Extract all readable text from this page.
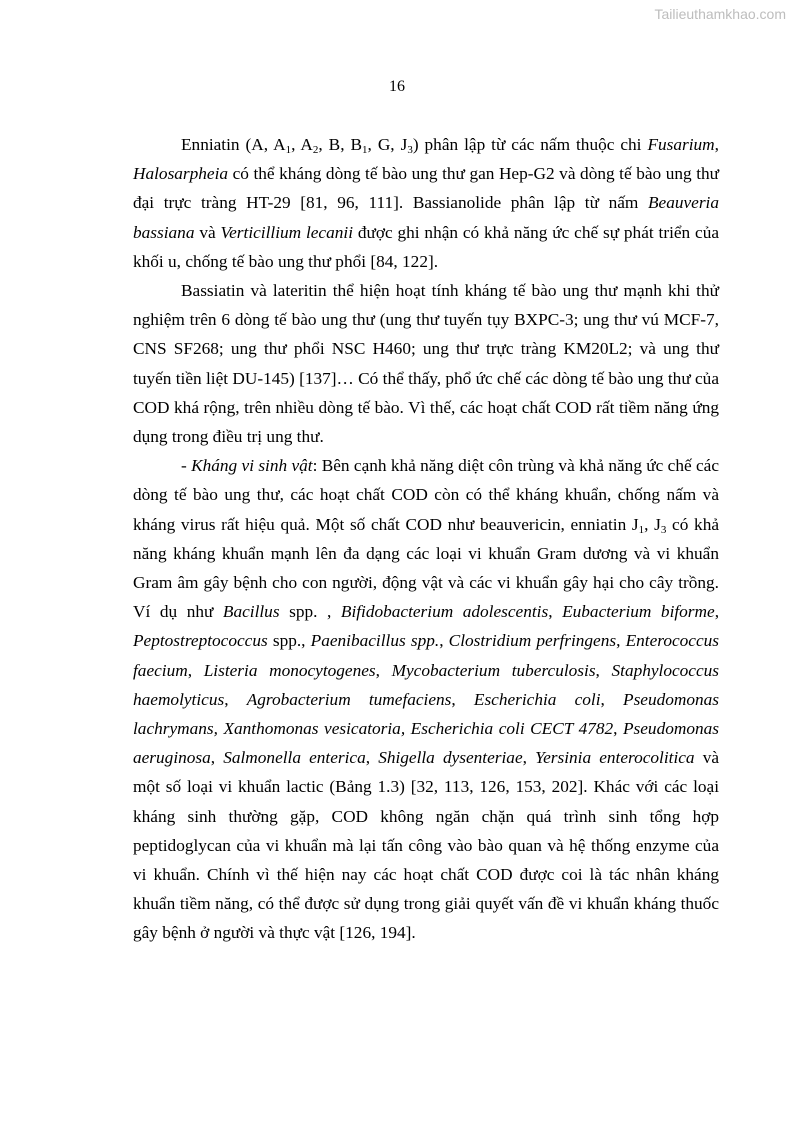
Tailieuthamkhao.com
16

Enniatin (A, $A_1$, $A_2$, B, $B_1$, G, $J_3$) phân lập từ các nấm thuộc chi Fusarium, Halosarpheia có thể kháng dòng tế bào ung thư gan Hep-G2 và dòng tế bào ung thư đại trực tràng HT-29 [81, 96, 111]. Bassianolide phân lập từ nấm Beauveria bassiana và Verticillium lecanii được ghi nhận có khả năng ức chế sự phát triển của khối u, chống tế bào ung thư phổi [84, 122].

Bassiatin và lateritin thể hiện hoạt tính kháng tế bào ung thư mạnh khi thử nghiệm trên 6 dòng tế bào ung thư (ung thư tuyến tụy BXPC-3; ung thư vú MCF-7, CNS SF268; ung thư phổi NSC H460; ung thư trực tràng KM20L2; và ung thư tuyến tiền liệt DU-145) [137]… Có thể thấy, phổ ức chế các dòng tế bào ung thư của COD khá rộng, trên nhiều dòng tế bào. Vì thế, các hoạt chất COD rất tiềm năng ứng dụng trong điều trị ung thư.

- Kháng vi sinh vật: Bên cạnh khả năng diệt côn trùng và khả năng ức chế các dòng tế bào ung thư, các hoạt chất COD còn có thể kháng khuẩn, chống nấm và kháng virus rất hiệu quả. Một số chất COD như beauvericin, enniatin $J_1$, $J_3$ có khả năng kháng khuẩn mạnh lên đa dạng các loại vi khuẩn Gram dương và vi khuẩn Gram âm gây bệnh cho con người, động vật và các vi khuẩn gây hại cho cây trồng. Ví dụ như Bacillus spp. , Bifidobacterium adolescentis, Eubacterium biforme, Peptostreptococcus spp., Paenibacillus spp., Clostridium perfringens, Enterococcus faecium, Listeria monocytogenes, Mycobacterium tuberculosis, Staphylococcus haemolyticus, Agrobacterium tumefaciens, Escherichia coli, Pseudomonas lachrymans, Xanthomonas vesicatoria, Escherichia coli CECT 4782, Pseudomonas aeruginosa, Salmonella enterica, Shigella dysenteriae, Yersinia enterocolitica và một số loại vi khuẩn lactic (Bảng 1.3) [32, 113, 126, 153, 202]. Khác với các loại kháng sinh thường gặp, COD không ngăn chặn quá trình sinh tổng hợp peptidoglycan của vi khuẩn mà lại tấn công vào bào quan và hệ thống enzyme của vi khuẩn. Chính vì thế hiện nay các hoạt chất COD được coi là tác nhân kháng khuẩn tiềm năng, có thể được sử dụng trong giải quyết vấn đề vi khuẩn kháng thuốc gây bệnh ở người và thực vật [126, 194].
